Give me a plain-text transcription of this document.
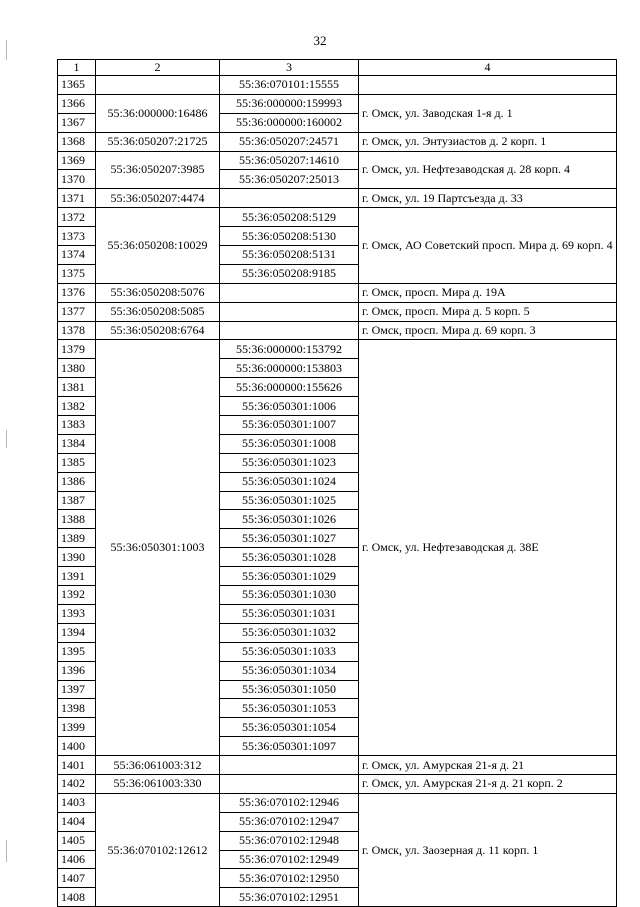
32
1	2	3	4
1365		55:36:070101:15555	
1366	55:36:000000:16486	55:36:000000:159993	г. Омск, ул. Заводская 1-я д. 1
1367		55:36:000000:160002	
1368	55:36:050207:21725	55:36:050207:24571	г. Омск, ул. Энтузиастов д. 2 корп. 1
1369	55:36:050207:3985	55:36:050207:14610	г. Омск, ул. Нефтезаводская д. 28 корп. 4
1370		55:36:050207:25013	
1371	55:36:050207:4474		г. Омск, ул. 19 Партсъезда д. 33
1372	55:36:050208:10029	55:36:050208:5129	г. Омск, АО Советский просп. Мира д. 69 корп. 4
1373		55:36:050208:5130	
1374		55:36:050208:5131	
1375		55:36:050208:9185	
1376	55:36:050208:5076		г. Омск, просп. Мира д. 19А
1377	55:36:050208:5085		г. Омск, просп. Мира д. 5 корп. 5
1378	55:36:050208:6764		г. Омск, просп. Мира д. 69 корп. 3
1379	55:36:050301:1003	55:36:000000:153792	г. Омск, ул. Нефтезаводская д. 38Е
1380		55:36:000000:153803	
1381		55:36:000000:155626	
1382		55:36:050301:1006	
1383		55:36:050301:1007	
1384		55:36:050301:1008	
1385		55:36:050301:1023	
1386		55:36:050301:1024	
1387		55:36:050301:1025	
1388		55:36:050301:1026	
1389		55:36:050301:1027	
1390		55:36:050301:1028	
1391		55:36:050301:1029	
1392		55:36:050301:1030	
1393		55:36:050301:1031	
1394		55:36:050301:1032	
1395		55:36:050301:1033	
1396		55:36:050301:1034	
1397		55:36:050301:1050	
1398		55:36:050301:1053	
1399		55:36:050301:1054	
1400		55:36:050301:1097	
1401	55:36:061003:312		г. Омск, ул. Амурская 21-я д. 21
1402	55:36:061003:330		г. Омск, ул. Амурская 21-я д. 21 корп. 2
1403	55:36:070102:12612	55:36:070102:12946	г. Омск, ул. Заозерная д. 11 корп. 1
1404		55:36:070102:12947	
1405		55:36:070102:12948	
1406		55:36:070102:12949	
1407		55:36:070102:12950	
1408		55:36:070102:12951	
